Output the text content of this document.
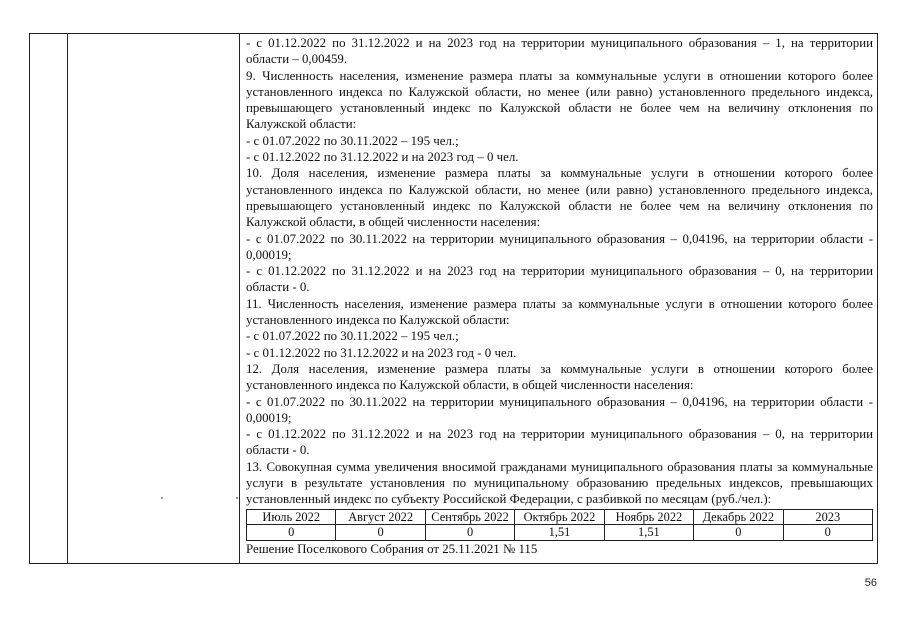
- с 01.12.2022 по 31.12.2022 и на 2023 год на территории муниципального образования – 1, на территории области – 0,00459.

9. Численность населения, изменение размера платы за коммунальные услуги в отношении которого более установленного индекса по Калужской области, но менее (или равно) установленного предельного индекса, превышающего установленный индекс по Калужской области не более чем на величину отклонения по Калужской области:

- с 01.07.2022 по 30.11.2022 – 195 чел.;

- с 01.12.2022 по 31.12.2022 и на 2023 год – 0 чел.

10. Доля населения, изменение размера платы за коммунальные услуги в отношении которого более установленного индекса по Калужской области, но менее (или равно) установленного предельного индекса, превышающего установленный индекс по Калужской области не более чем на величину отклонения по Калужской области, в общей численности населения:

- с 01.07.2022 по 30.11.2022 на территории муниципального образования – 0,04196, на территории области - 0,00019;

- с 01.12.2022 по 31.12.2022 и на 2023 год на территории муниципального образования – 0, на территории области - 0.

11. Численность населения, изменение размера платы за коммунальные услуги в отношении которого более установленного индекса по Калужской области:

- с 01.07.2022 по 30.11.2022 – 195 чел.;

- с 01.12.2022 по 31.12.2022 и на 2023 год - 0 чел.

12. Доля населения, изменение размера платы за коммунальные услуги в отношении которого более установленного индекса по Калужской области, в общей численности населения:

- с 01.07.2022 по 30.11.2022 на территории муниципального образования – 0,04196, на территории области - 0,00019;

- с 01.12.2022 по 31.12.2022 и на 2023 год на территории муниципального образования – 0, на территории области - 0.

13. Совокупная сумма увеличения вносимой гражданами муниципального образования платы за коммунальные услуги в результате установления по муниципальному образованию предельных индексов, превышающих установленный индекс по субъекту Российской Федерации, с разбивкой по месяцам (руб./чел.):

Июль 2022	Август 2022	Сентябрь 2022	Октябрь 2022	Ноябрь 2022	Декабрь 2022	2023
0	0	0	1,51	1,51	0	0

Решение Поселкового Собрания от 25.11.2021 № 115

56
